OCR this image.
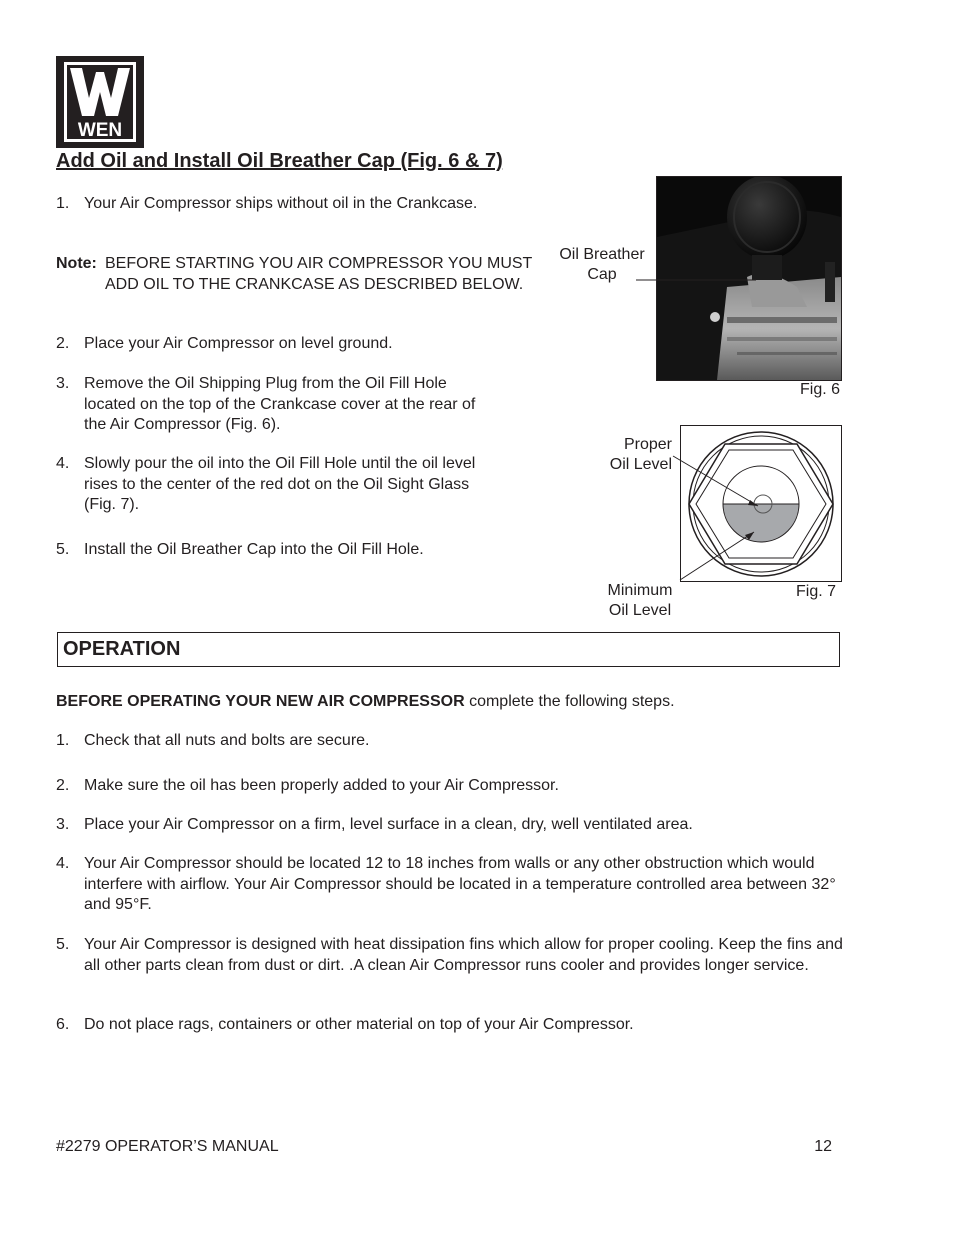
WEN
®
Add Oil and Install Oil Breather Cap (Fig. 6 & 7)
1. Your Air Compressor ships without oil in the Crankcase.
Note: BEFORE STARTING YOU AIR COMPRESSOR YOU MUST ADD OIL TO THE CRANKCASE AS DESCRIBED BELOW.
2. Place your Air Compressor on level ground.
3. Remove the Oil Shipping Plug from the Oil Fill Hole located on the top of the Crankcase cover at the rear of the Air Compressor (Fig. 6).
4. Slowly pour the oil into the Oil Fill Hole until the oil level rises to the center of the red dot on the Oil Sight Glass (Fig. 7).
5. Install the Oil Breather Cap into the Oil Fill Hole.
Oil Breather Cap
Fig. 6
Proper Oil Level
Minimum Oil Level
Fig. 7
OPERATION
BEFORE OPERATING YOUR NEW AIR COMPRESSOR complete the following steps.
1. Check that all nuts and bolts are secure.
2. Make sure the oil has been properly added to your Air Compressor.
3. Place your Air Compressor on a firm, level surface in a clean, dry, well ventilated area.
4. Your Air Compressor should be located 12 to 18 inches from walls or any other obstruction which would interfere with airflow. Your Air Compressor should be located in a temperature controlled area between 32° and 95°F.
5. Your Air Compressor is designed with heat dissipation fins which allow for proper cooling. Keep the fins and all other parts clean from dust or dirt. .A clean Air Compressor runs cooler and provides longer service.
6. Do not place rags, containers or other material on top of your Air Compressor.
#2279 OPERATOR’S MANUAL	12
